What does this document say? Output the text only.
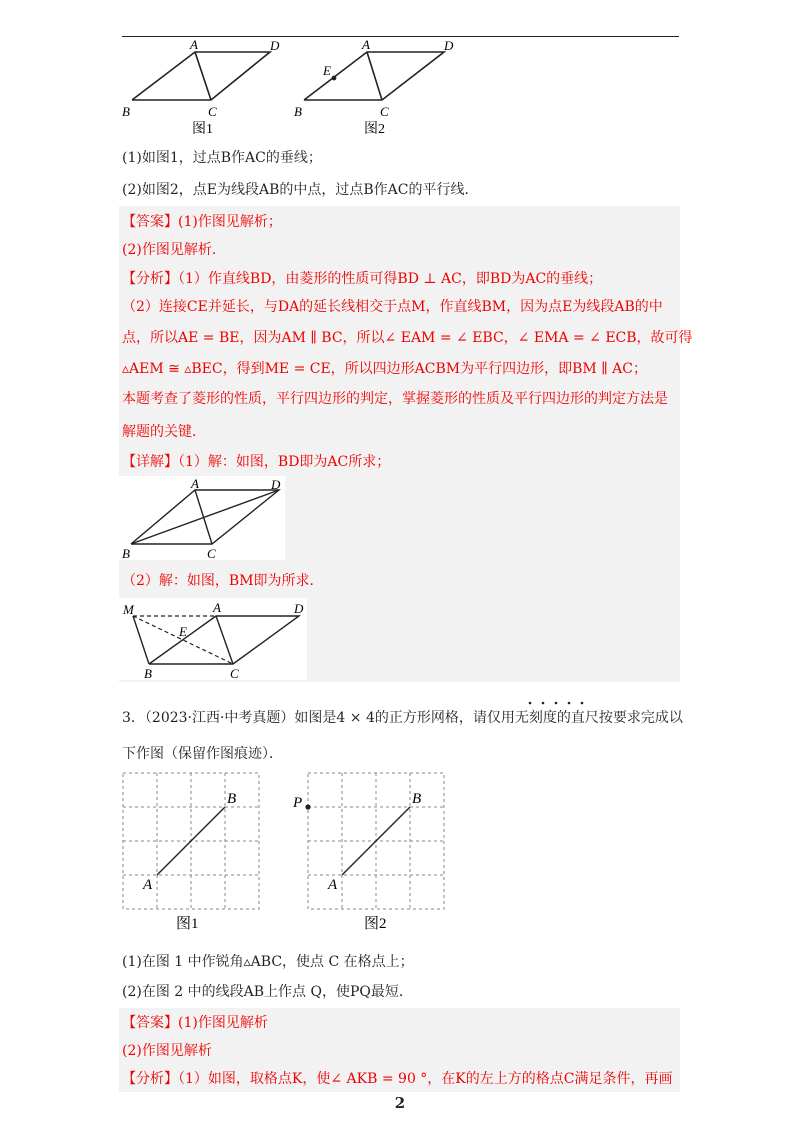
A	D
B	C
A	D
E
B	C
图1	图2
(1)如图1，过点B作AC的垂线；
(2)如图2，点E为线段AB的中点，过点B作AC的平行线．
【答案】(1)作图见解析；
(2)作图见解析．
【分析】（1）作直线BD，由菱形的性质可得BD ⊥ AC，即BD为AC的垂线；
（2）连接CE并延长，与DA的延长线相交于点M，作直线BM，因为点E为线段AB的中
点，所以AE = BE，因为AM ∥ BC，所以∠ EAM = ∠ EBC，∠ EMA = ∠ ECB，故可得
▵AEM ≅ ▵BEC，得到ME = CE，所以四边形ACBM为平行四边形，即BM ∥ AC；
本题考查了菱形的性质，平行四边形的判定，掌握菱形的性质及平行四边形的判定方法是
解题的关键．
【详解】（1）解：如图，BD即为AC所求；
A	D
B	C
（2）解：如图，BM即为所求．
M	A	D
E
B	C
3．（2023·江西·中考真题）如图是4 × 4的正方形网格，请仅用无刻度的直尺按要求完成以
下作图（保留作图痕迹）．
B
A
B
A
P
图1	图2
(1)在图 1 中作锐角▵ABC，使点 C 在格点上；
(2)在图 2 中的线段AB上作点 Q，使PQ最短．
【答案】(1)作图见解析
(2)作图见解析
【分析】（1）如图，取格点K，使∠ AKB = 90 °，在K的左上方的格点C满足条件，再画
2
